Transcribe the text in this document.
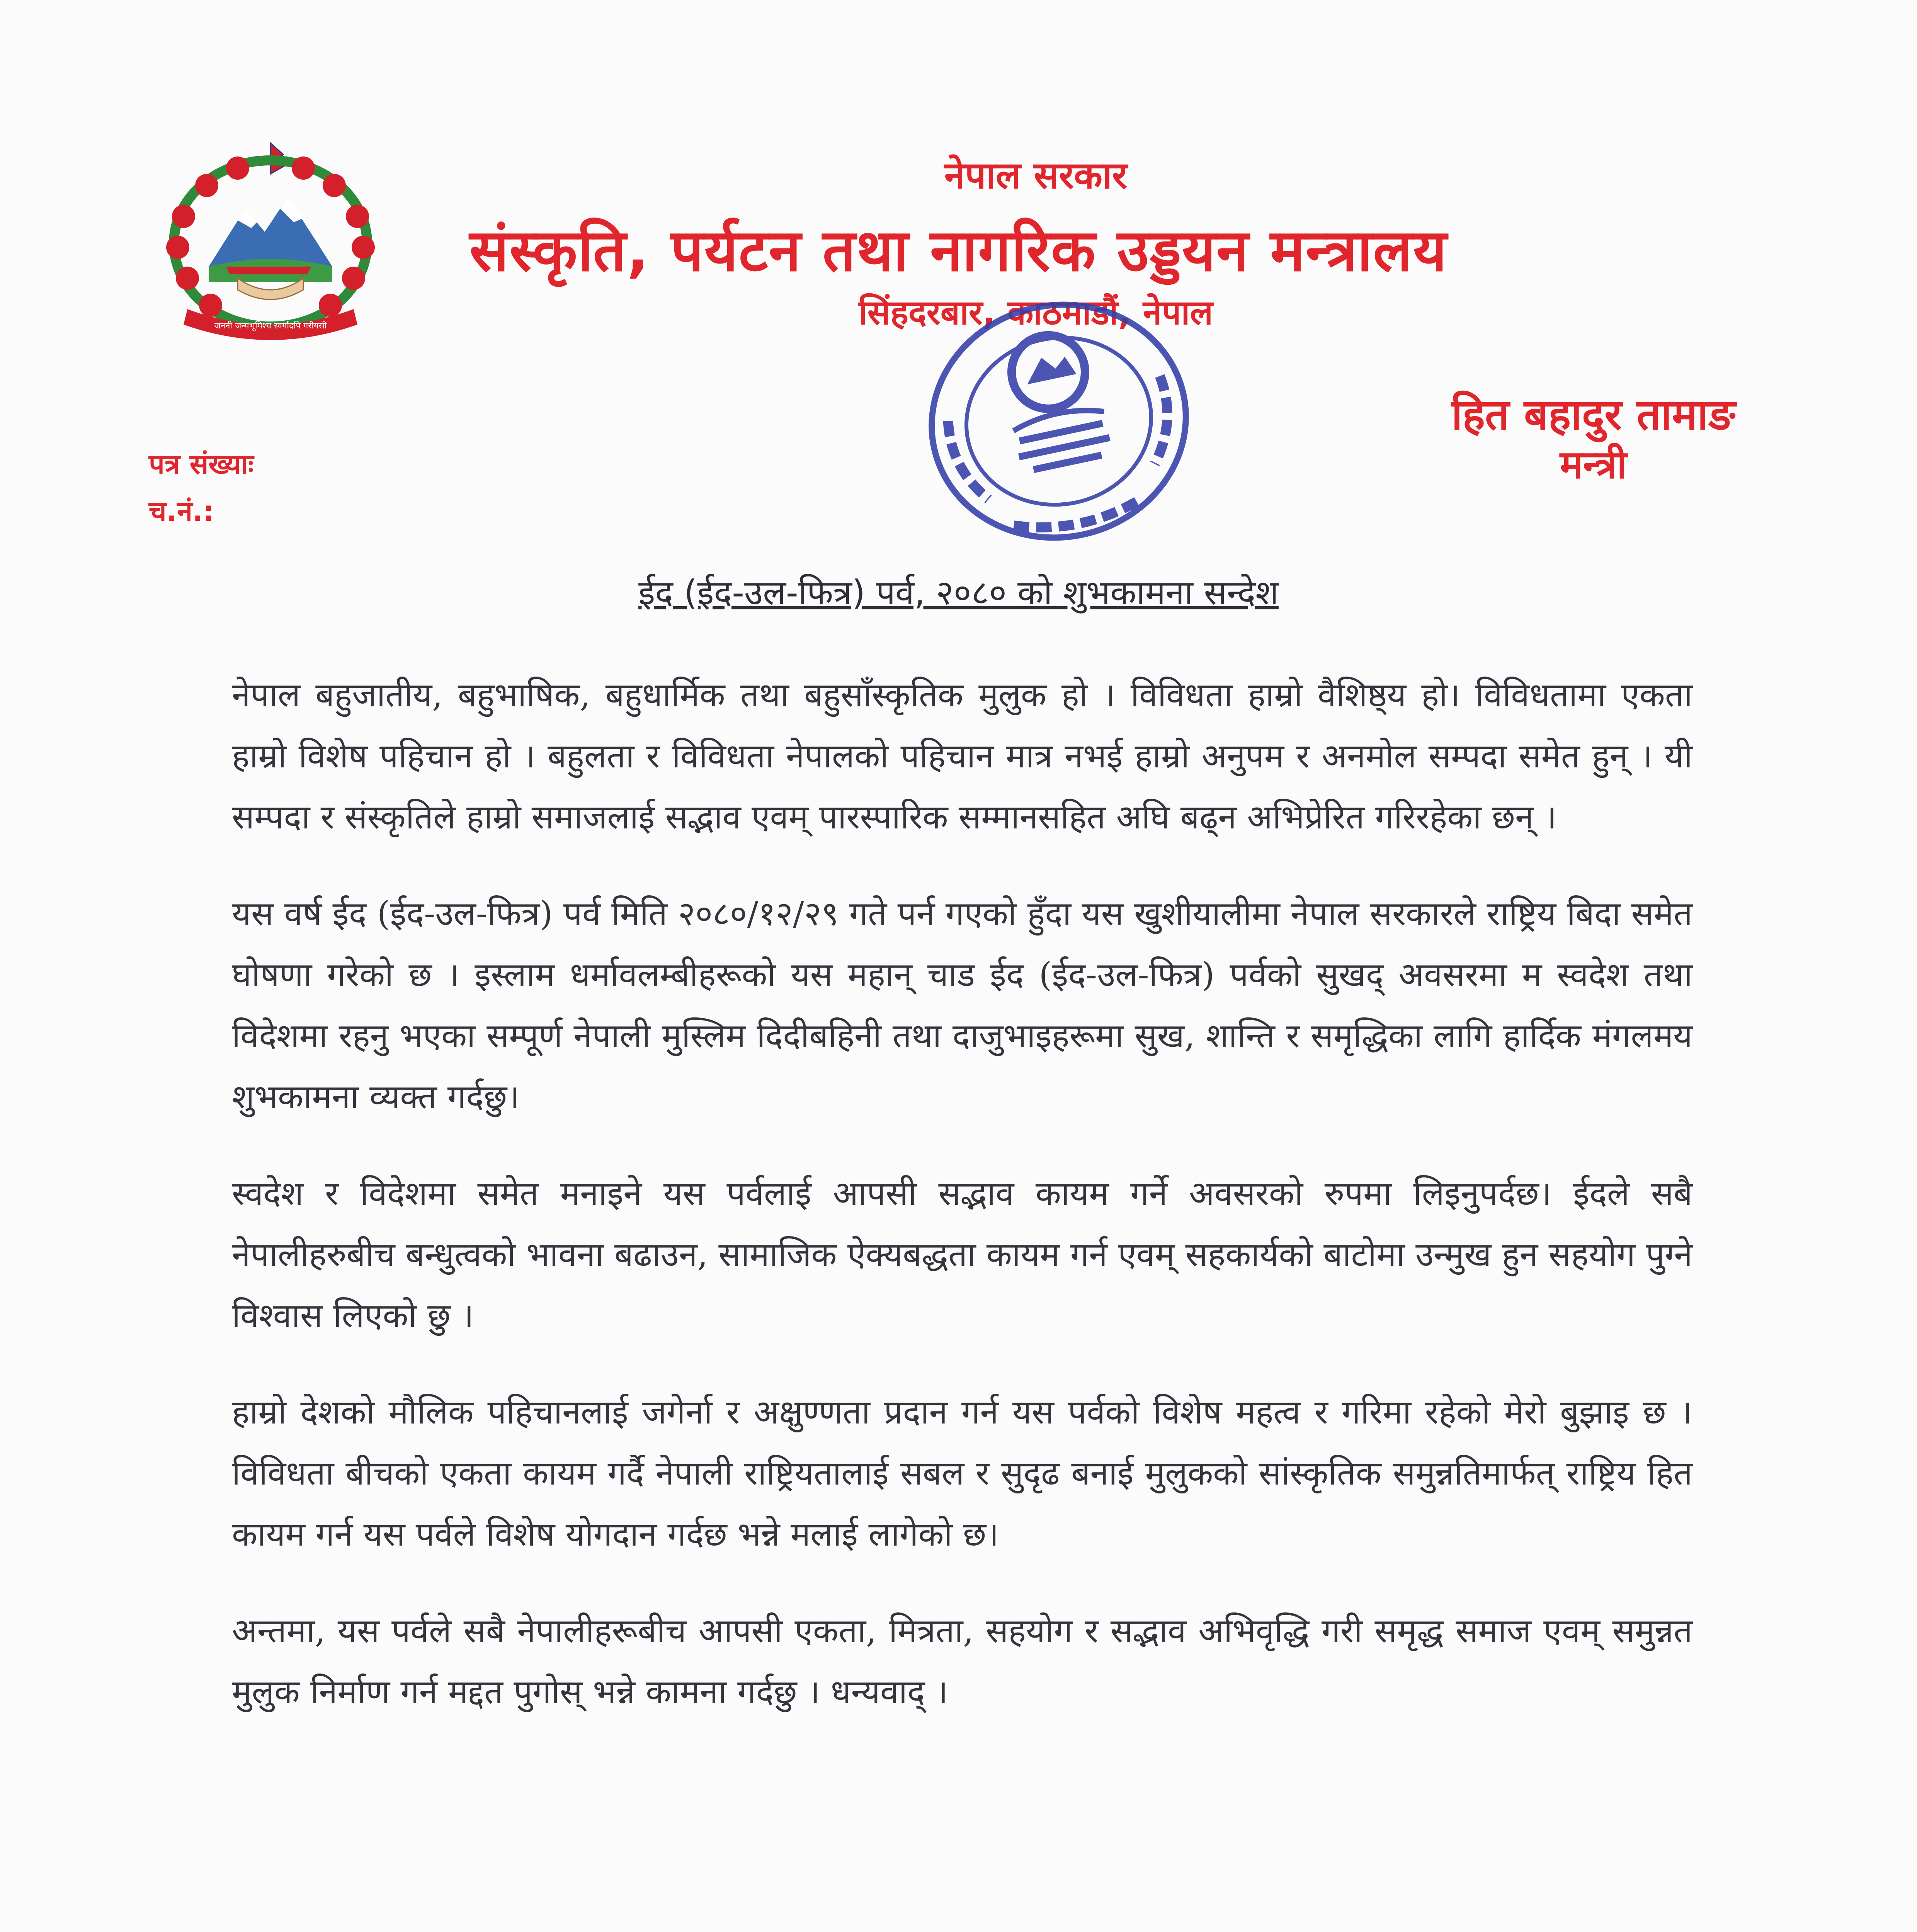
जननी जन्मभूमिश्च स्वर्गादपि गरीयसी
नेपाल सरकार
संस्कृति, पर्यटन तथा नागरिक उड्डयन मन्त्रालय
सिंहदरबार, काठमाडौं, नेपाल
हित बहादुर तामाङ
मन्त्री
पत्र संख्याः
च.नं.:
ईद (ईद-उल-फित्र) पर्व, २०८० को शुभकामना सन्देश

नेपाल बहुजातीय, बहुभाषिक, बहुधार्मिक तथा बहुसाँस्कृतिक मुलुक हो । विविधता हाम्रो वैशिष्ठ्य हो। विविधतामा एकता हाम्रो विशेष पहिचान हो । बहुलता र विविधता नेपालको पहिचान मात्र नभई हाम्रो अनुपम र अनमोल सम्पदा समेत हुन् । यी सम्पदा र संस्कृतिले हाम्रो समाजलाई सद्भाव एवम् पारस्पारिक सम्मानसहित अघि बढ्न अभिप्रेरित गरिरहेका छन् ।

यस वर्ष ईद (ईद-उल-फित्र) पर्व मिति २०८०/१२/२९ गते पर्न गएको हुँदा यस खुशीयालीमा नेपाल सरकारले राष्ट्रिय बिदा समेत घोषणा गरेको छ । इस्लाम धर्मावलम्बीहरूको यस महान् चाड ईद (ईद-उल-फित्र) पर्वको सुखद् अवसरमा म स्वदेश तथा विदेशमा रहनु भएका सम्पूर्ण नेपाली मुस्लिम दिदीबहिनी तथा दाजुभाइहरूमा सुख, शान्ति र समृद्धिका लागि हार्दिक मंगलमय शुभकामना व्यक्त गर्दछु।

स्वदेश र विदेशमा समेत मनाइने यस पर्वलाई आपसी सद्भाव कायम गर्ने अवसरको रुपमा लिइनुपर्दछ। ईदले सबै नेपालीहरुबीच बन्धुत्वको भावना बढाउन, सामाजिक ऐक्यबद्धता कायम गर्न एवम् सहकार्यको बाटोमा उन्मुख हुन सहयोग पुग्ने विश्वास लिएको छु ।

हाम्रो देशको मौलिक पहिचानलाई जगेर्ना र अक्षुण्णता प्रदान गर्न यस पर्वको विशेष महत्व र गरिमा रहेको मेरो बुझाइ छ । विविधता बीचको एकता कायम गर्दै नेपाली राष्ट्रियतालाई सबल र सुदृढ बनाई मुलुकको सांस्कृतिक समुन्नतिमार्फत् राष्ट्रिय हित कायम गर्न यस पर्वले विशेष योगदान गर्दछ भन्ने मलाई लागेको छ।

अन्तमा, यस पर्वले सबै नेपालीहरूबीच आपसी एकता, मित्रता, सहयोग र सद्भाव अभिवृद्धि गरी समृद्ध समाज एवम् समुन्नत मुलुक निर्माण गर्न मद्दत पुगोस् भन्ने कामना गर्दछु । धन्यवाद् ।
